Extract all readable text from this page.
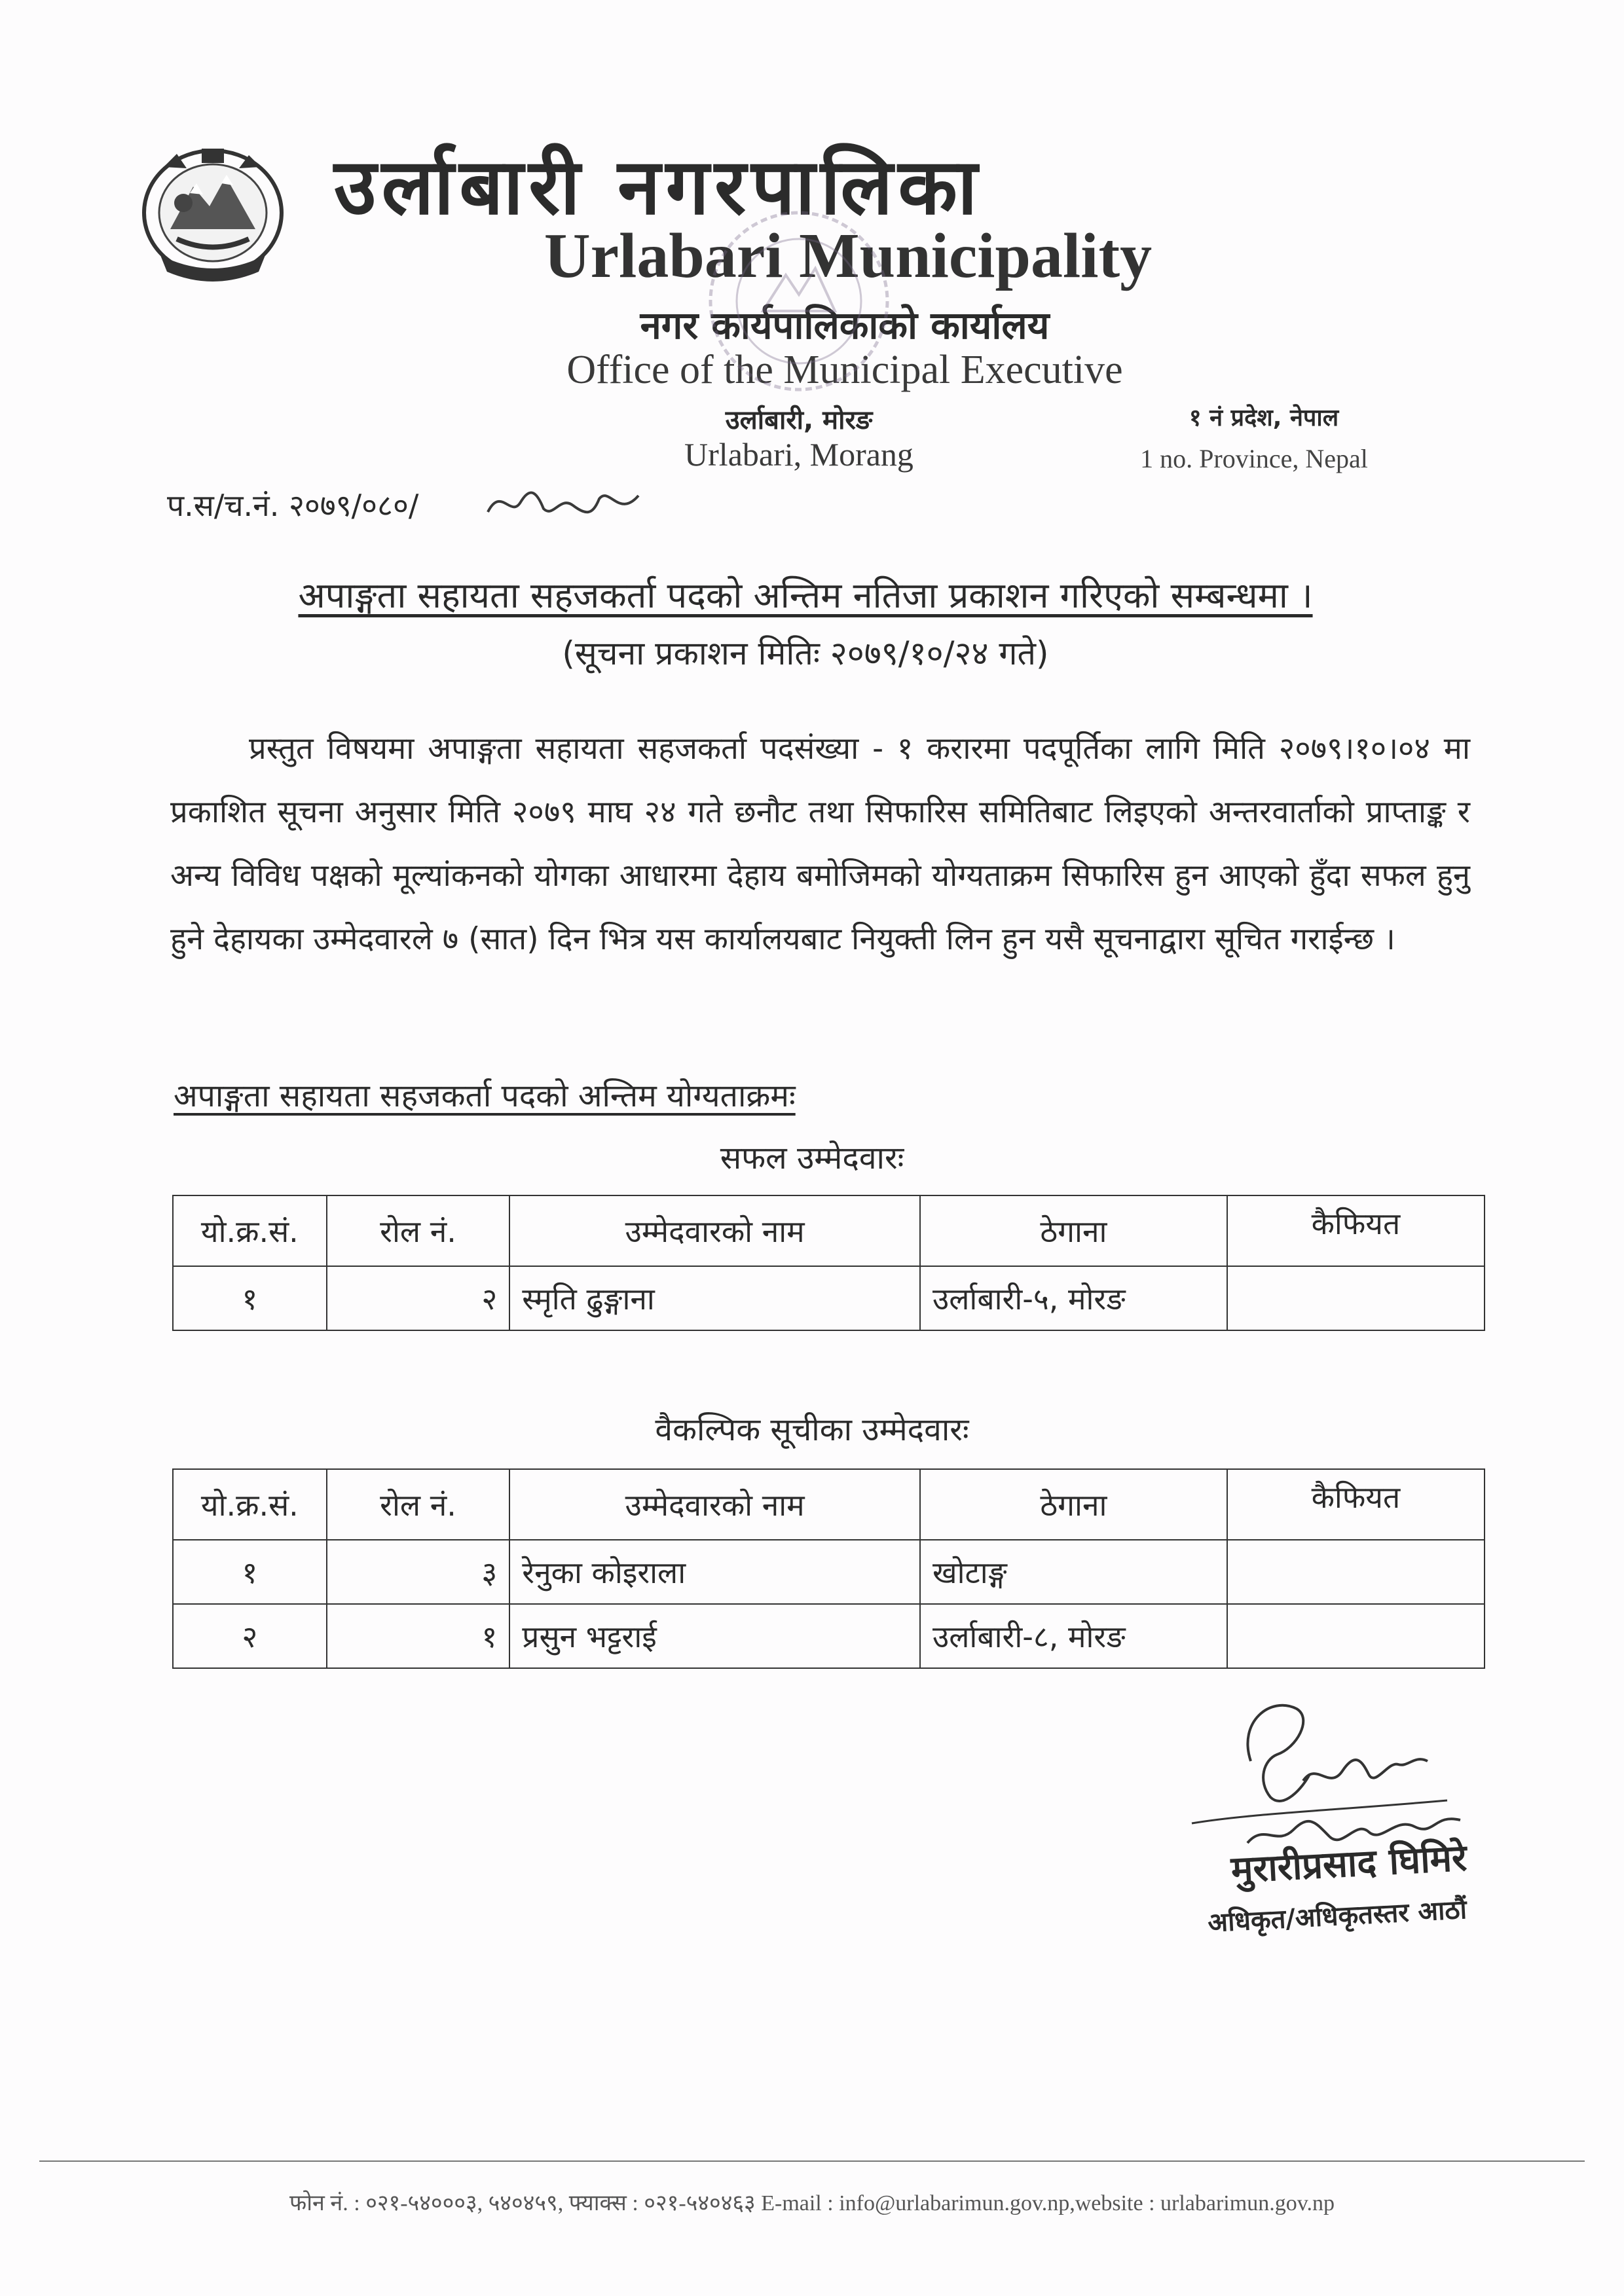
उर्लाबारी नगरपालिका
Urlabari Municipality
नगर कार्यपालिकाको कार्यालय
Office of the Municipal Executive
उर्लाबारी, मोरङ
Urlabari, Morang
१ नं प्रदेश, नेपाल
1 no. Province, Nepal
प.स/च.नं. २०७९/०८०/
अपाङ्गता सहायता सहजकर्ता पदको अन्तिम नतिजा प्रकाशन गरिएको सम्बन्धमा ।
(सूचना प्रकाशन मितिः २०७९/१०/२४ गते)
प्रस्तुत विषयमा अपाङ्गता सहायता सहजकर्ता पदसंख्या - १ करारमा पदपूर्तिका लागि मिति २०७९।१०।०४ मा प्रकाशित सूचना अनुसार मिति २०७९ माघ २४ गते छनौट तथा सिफारिस समितिबाट लिइएको अन्तरवार्ताको प्राप्ताङ्क र अन्य विविध पक्षको मूल्यांकनको योगका आधारमा देहाय बमोजिमको योग्यताक्रम सिफारिस हुन आएको हुँदा सफल हुनु हुने देहायका उम्मेदवारले ७ (सात) दिन भित्र यस कार्यालयबाट नियुक्ती लिन हुन यसै सूचनाद्वारा सूचित गराईन्छ ।
अपाङ्गता सहायता सहजकर्ता पदको अन्तिम योग्यताक्रमः
सफल उम्मेदवारः
यो.क्र.सं.	रोल नं.	उम्मेदवारको नाम	ठेगाना	कैफियत
१	२	स्मृति ढुङ्गाना	उर्लाबारी-५, मोरङ	
वैकल्पिक सूचीका उम्मेदवारः
यो.क्र.सं.	रोल नं.	उम्मेदवारको नाम	ठेगाना	कैफियत
१	३	रेनुका कोइराला	खोटाङ्ग	
२	१	प्रसुन भट्टराई	उर्लाबारी-८, मोरङ	
मुरारीप्रसाद घिमिरे
अधिकृत/अधिकृतस्तर आठौं
फोन नं. : ०२१-५४०००३, ५४०४५९, फ्याक्स : ०२१-५४०४६३ E-mail : info@urlabarimun.gov.np,website : urlabarimun.gov.np
